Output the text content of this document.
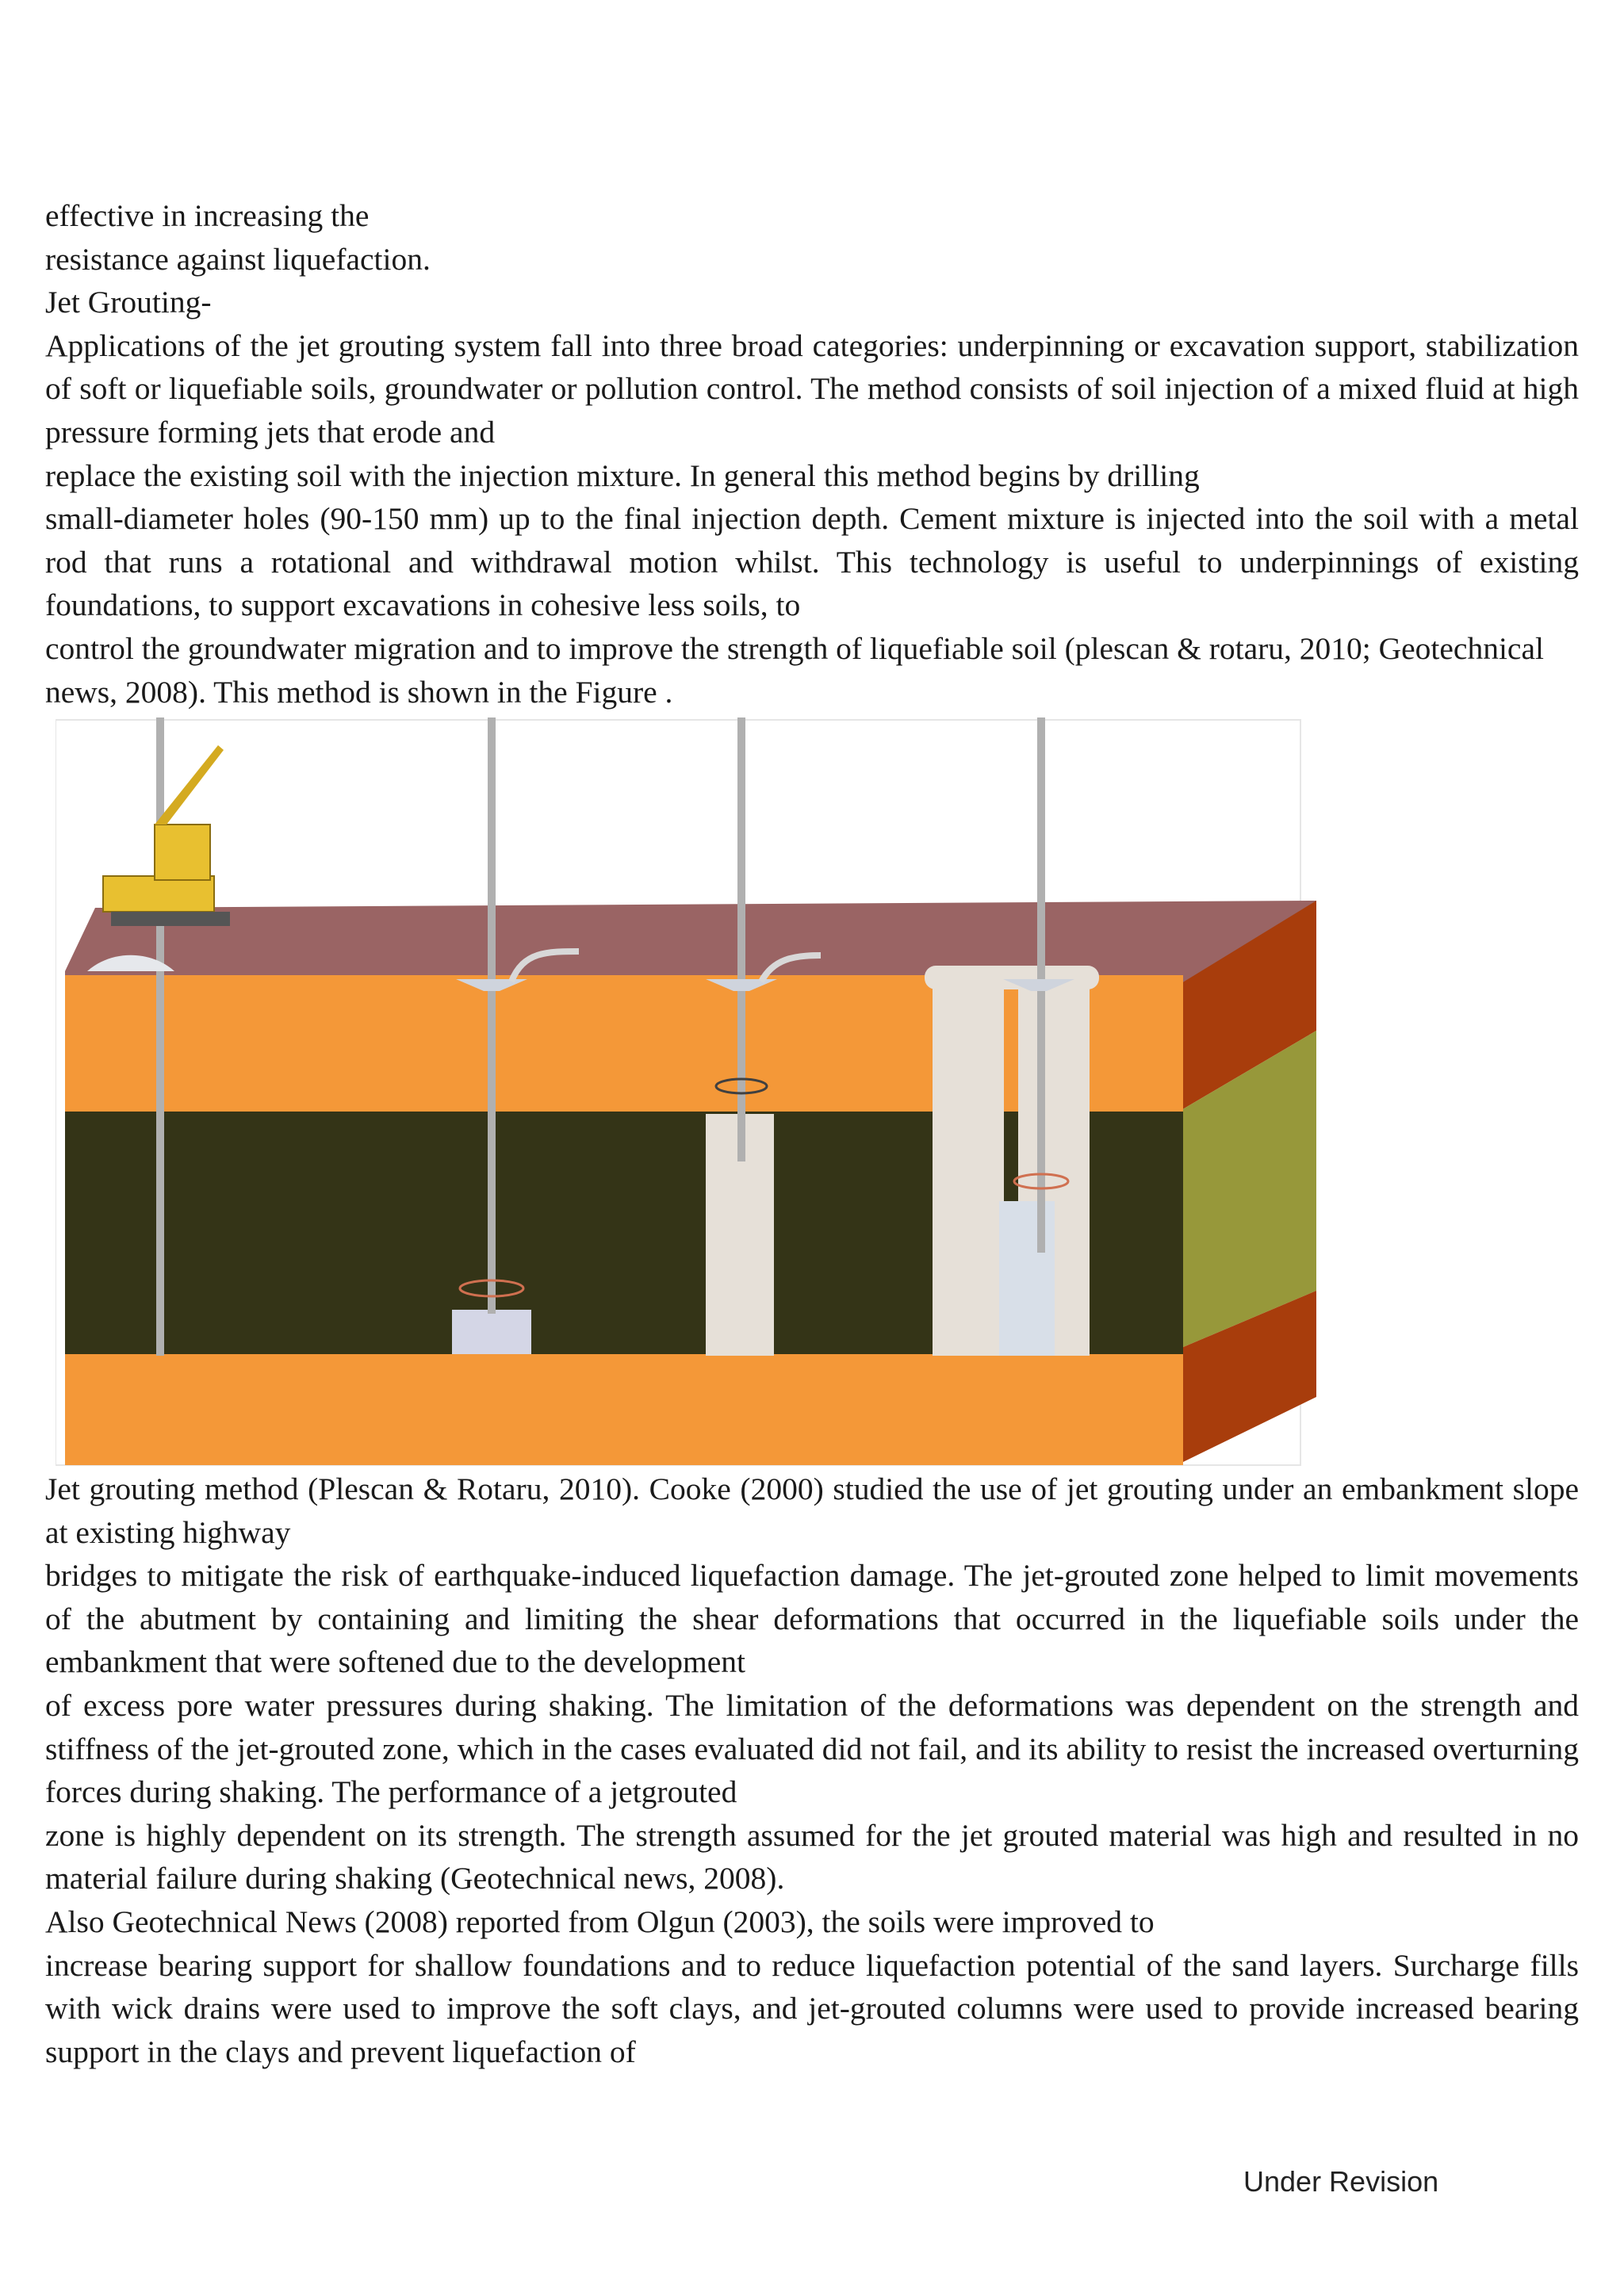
effective in increasing the

resistance against liquefaction.

Jet Grouting-

Applications of the jet grouting system fall into three broad categories: underpinning or excavation support, stabilization of soft or liquefiable soils, groundwater or pollution control. The method consists of soil injection of a mixed fluid at high pressure forming jets that erode and

replace the existing soil with the injection mixture. In general this method begins by drilling

small-diameter holes (90-150 mm) up to the final injection depth. Cement mixture is injected into the soil with a metal rod that runs a rotational and withdrawal motion whilst. This technology is useful to underpinnings of existing foundations, to support excavations in cohesive less soils, to

control the groundwater migration and to improve the strength of liquefiable soil (plescan & rotaru, 2010; Geotechnical news, 2008). This method is shown in the Figure .

Jet grouting method (Plescan & Rotaru, 2010). Cooke (2000) studied the use of jet grouting under an embankment slope at existing highway

bridges to mitigate the risk of earthquake-induced liquefaction damage. The jet-grouted zone helped to limit movements of the abutment by containing and limiting the shear deformations that occurred in the liquefiable soils under the embankment that were softened due to the development

of excess pore water pressures during shaking. The limitation of the deformations was dependent on the strength and stiffness of the jet-grouted zone, which in the cases evaluated did not fail, and its ability to resist the increased overturning forces during shaking. The performance of a jetgrouted

zone is highly dependent on its strength. The strength assumed for the jet grouted material was high and resulted in no material failure during shaking (Geotechnical news, 2008).

Also Geotechnical News (2008) reported from Olgun (2003), the soils were improved to

increase bearing support for shallow foundations and to reduce liquefaction potential of the sand layers. Surcharge fills with wick drains were used to improve the soft clays, and jet-grouted columns were used to provide increased bearing support in the clays and prevent liquefaction of

Under Revision
